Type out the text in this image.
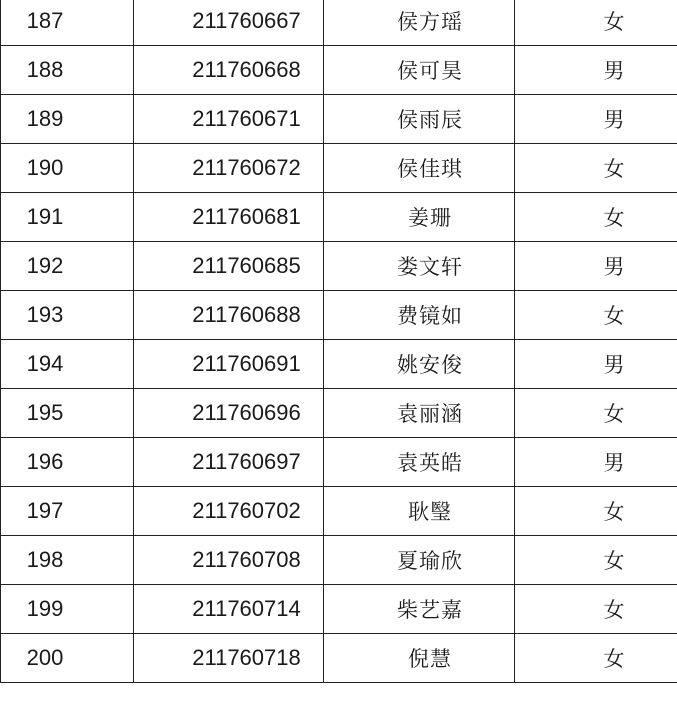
187	211760667	侯方瑶	女
188	211760668	侯可昊	男
189	211760671	侯雨辰	男
190	211760672	侯佳琪	女
191	211760681	姜珊	女
192	211760685	娄文轩	男
193	211760688	费镜如	女
194	211760691	姚安俊	男
195	211760696	袁丽涵	女
196	211760697	袁英皓	男
197	211760702	耿瑿	女
198	211760708	夏瑜欣	女
199	211760714	柴艺嘉	女
200	211760718	倪慧	女
